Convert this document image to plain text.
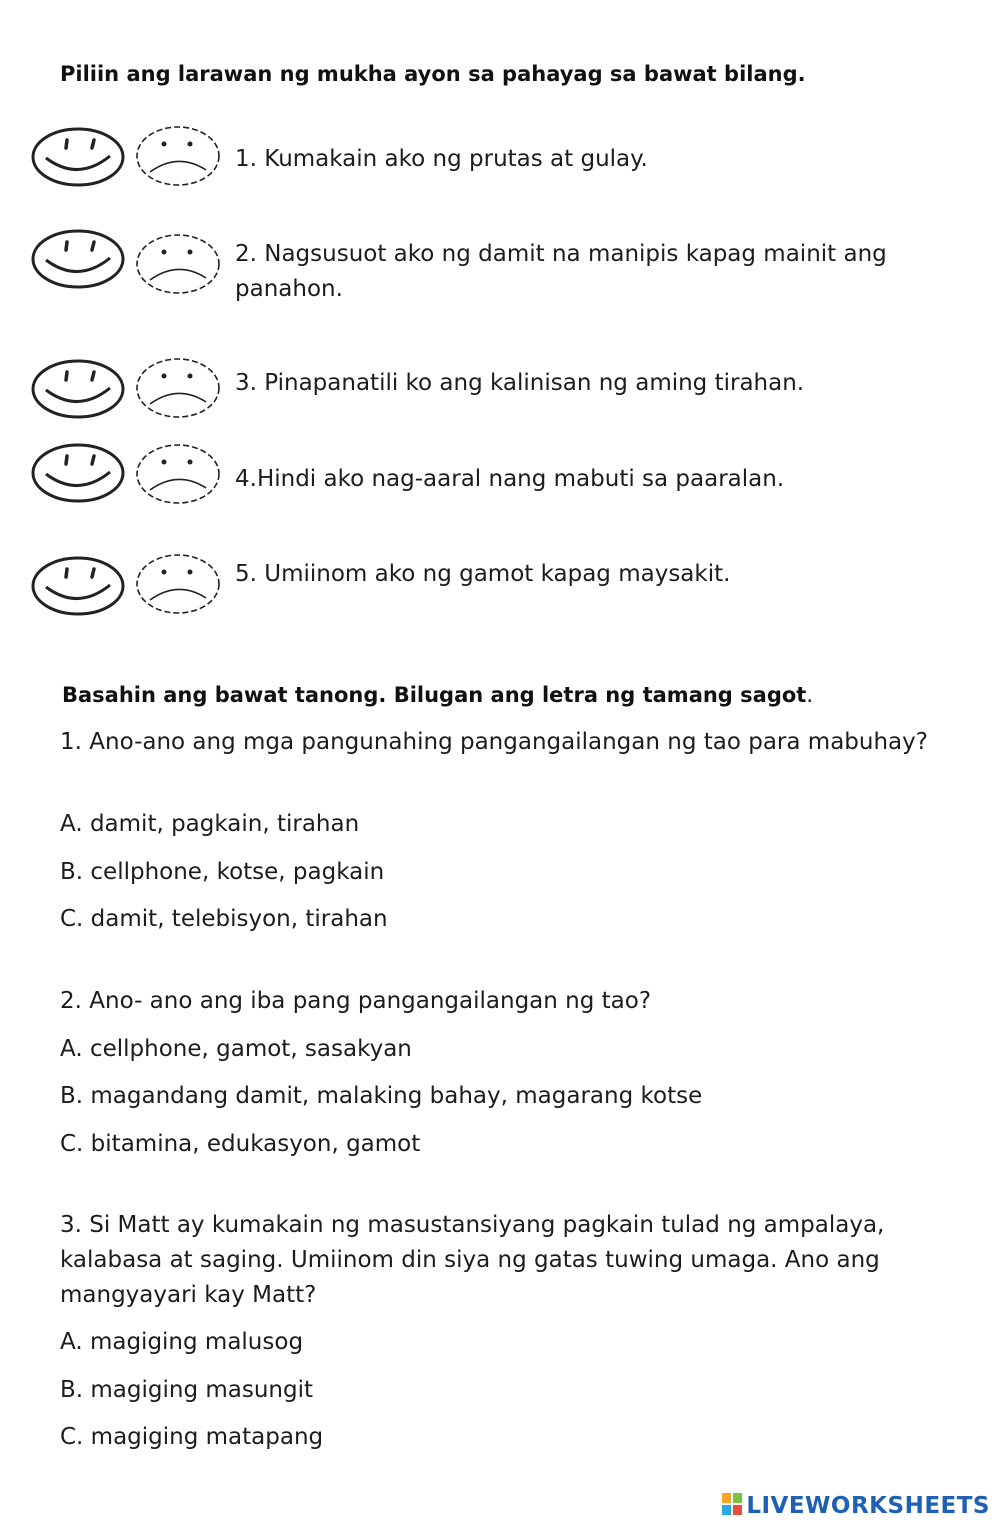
Piliin ang larawan ng mukha ayon sa pahayag sa bawat bilang.
1. Kumakain ako ng prutas at gulay.
2. Nagsusuot ako ng damit na manipis kapag mainit ang panahon.
3. Pinapanatili ko ang kalinisan ng aming tirahan.
4.Hindi ako nag-aaral nang mabuti sa paaralan.
5. Umiinom ako ng gamot kapag maysakit.
Basahin ang bawat tanong. Bilugan ang letra ng tamang sagot.
1. Ano-ano ang mga pangunahing pangangailangan ng tao para mabuhay?
A. damit, pagkain, tirahan
B. cellphone, kotse, pagkain
C. damit, telebisyon, tirahan
2. Ano- ano ang iba pang pangangailangan ng tao?
A. cellphone, gamot, sasakyan
B. magandang damit, malaking bahay, magarang kotse
C. bitamina, edukasyon, gamot
3. Si Matt ay kumakain ng masustansiyang pagkain tulad ng ampalaya, kalabasa at saging. Umiinom din siya ng gatas tuwing umaga. Ano ang mangyayari kay Matt?
A. magiging malusog
B. magiging masungit
C. magiging matapang
LIVEWORKSHEETS
